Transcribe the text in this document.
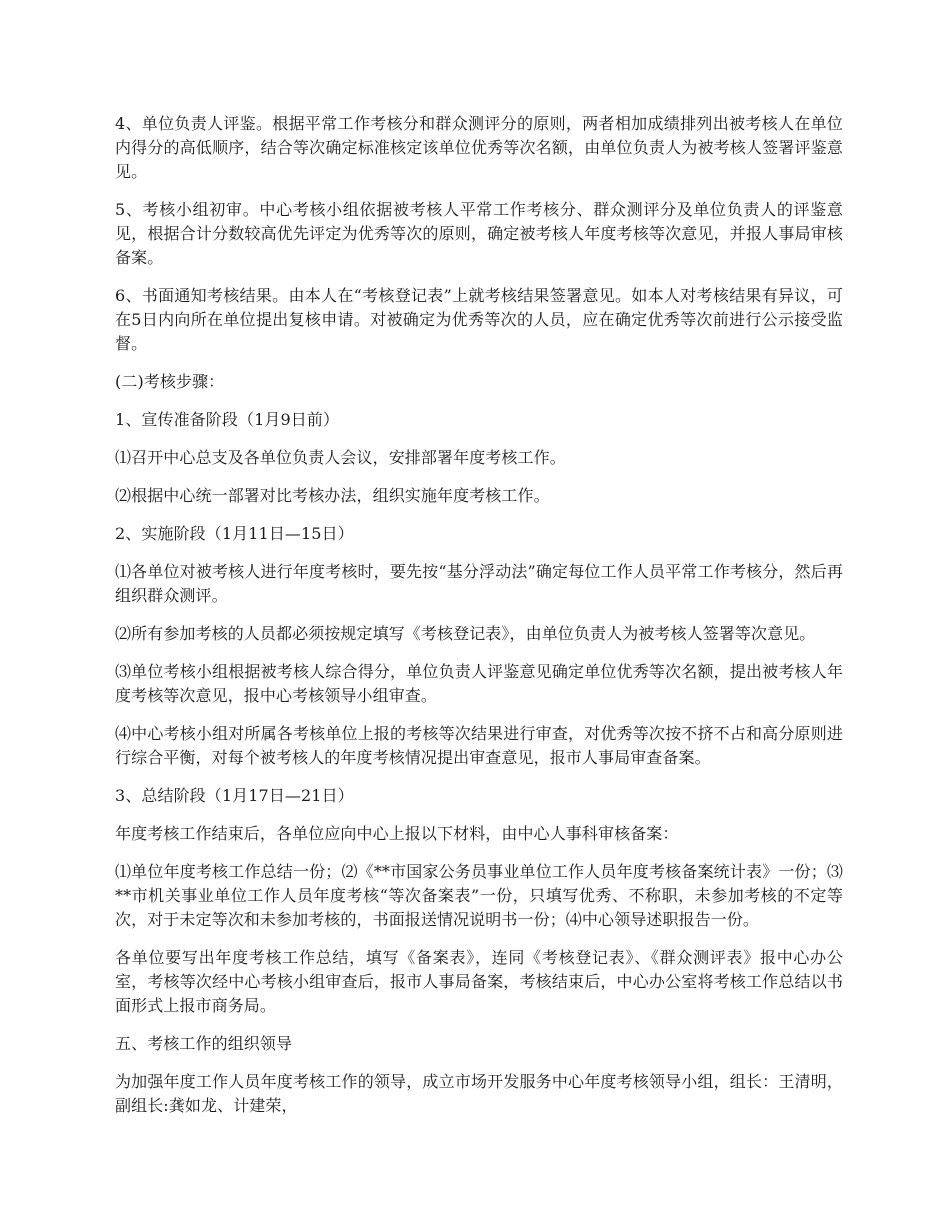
4、单位负责人评鉴。根据平常工作考核分和群众测评分的原则，两者相加成绩排列出被考核人在单位内得分的高低顺序，结合等次确定标准核定该单位优秀等次名额，由单位负责人为被考核人签署评鉴意见。

5、考核小组初审。中心考核小组依据被考核人平常工作考核分、群众测评分及单位负责人的评鉴意见，根据合计分数较高优先评定为优秀等次的原则，确定被考核人年度考核等次意见，并报人事局审核备案。

6、书面通知考核结果。由本人在“考核登记表”上就考核结果签署意见。如本人对考核结果有异议，可在5日内向所在单位提出复核申请。对被确定为优秀等次的人员，应在确定优秀等次前进行公示接受监督。

(二)考核步骤：

1、宣传准备阶段（1月9日前）

⑴召开中心总支及各单位负责人会议，安排部署年度考核工作。

⑵根据中心统一部署对比考核办法，组织实施年度考核工作。

2、实施阶段（1月11日—15日）

⑴各单位对被考核人进行年度考核时，要先按“基分浮动法”确定每位工作人员平常工作考核分，然后再组织群众测评。

⑵所有参加考核的人员都必须按规定填写《考核登记表》，由单位负责人为被考核人签署等次意见。

⑶单位考核小组根据被考核人综合得分，单位负责人评鉴意见确定单位优秀等次名额，提出被考核人年度考核等次意见，报中心考核领导小组审查。

⑷中心考核小组对所属各考核单位上报的考核等次结果进行审查，对优秀等次按不挤不占和高分原则进行综合平衡，对每个被考核人的年度考核情况提出审查意见，报市人事局审查备案。

3、总结阶段（1月17日—21日）

年度考核工作结束后，各单位应向中心上报以下材料，由中心人事科审核备案：

⑴单位年度考核工作总结一份；⑵《**市国家公务员事业单位工作人员年度考核备案统计表》一份；⑶**市机关事业单位工作人员年度考核“等次备案表”一份，只填写优秀、不称职，未参加考核的不定等次，对于未定等次和未参加考核的，书面报送情况说明书一份；⑷中心领导述职报告一份。

各单位要写出年度考核工作总结，填写《备案表》，连同《考核登记表》、《群众测评表》报中心办公室，考核等次经中心考核小组审查后，报市人事局备案，考核结束后，中心办公室将考核工作总结以书面形式上报市商务局。

五、考核工作的组织领导

为加强年度工作人员年度考核工作的领导，成立市场开发服务中心年度考核领导小组，组长：王清明，副组长:龚如龙、计建荣，
